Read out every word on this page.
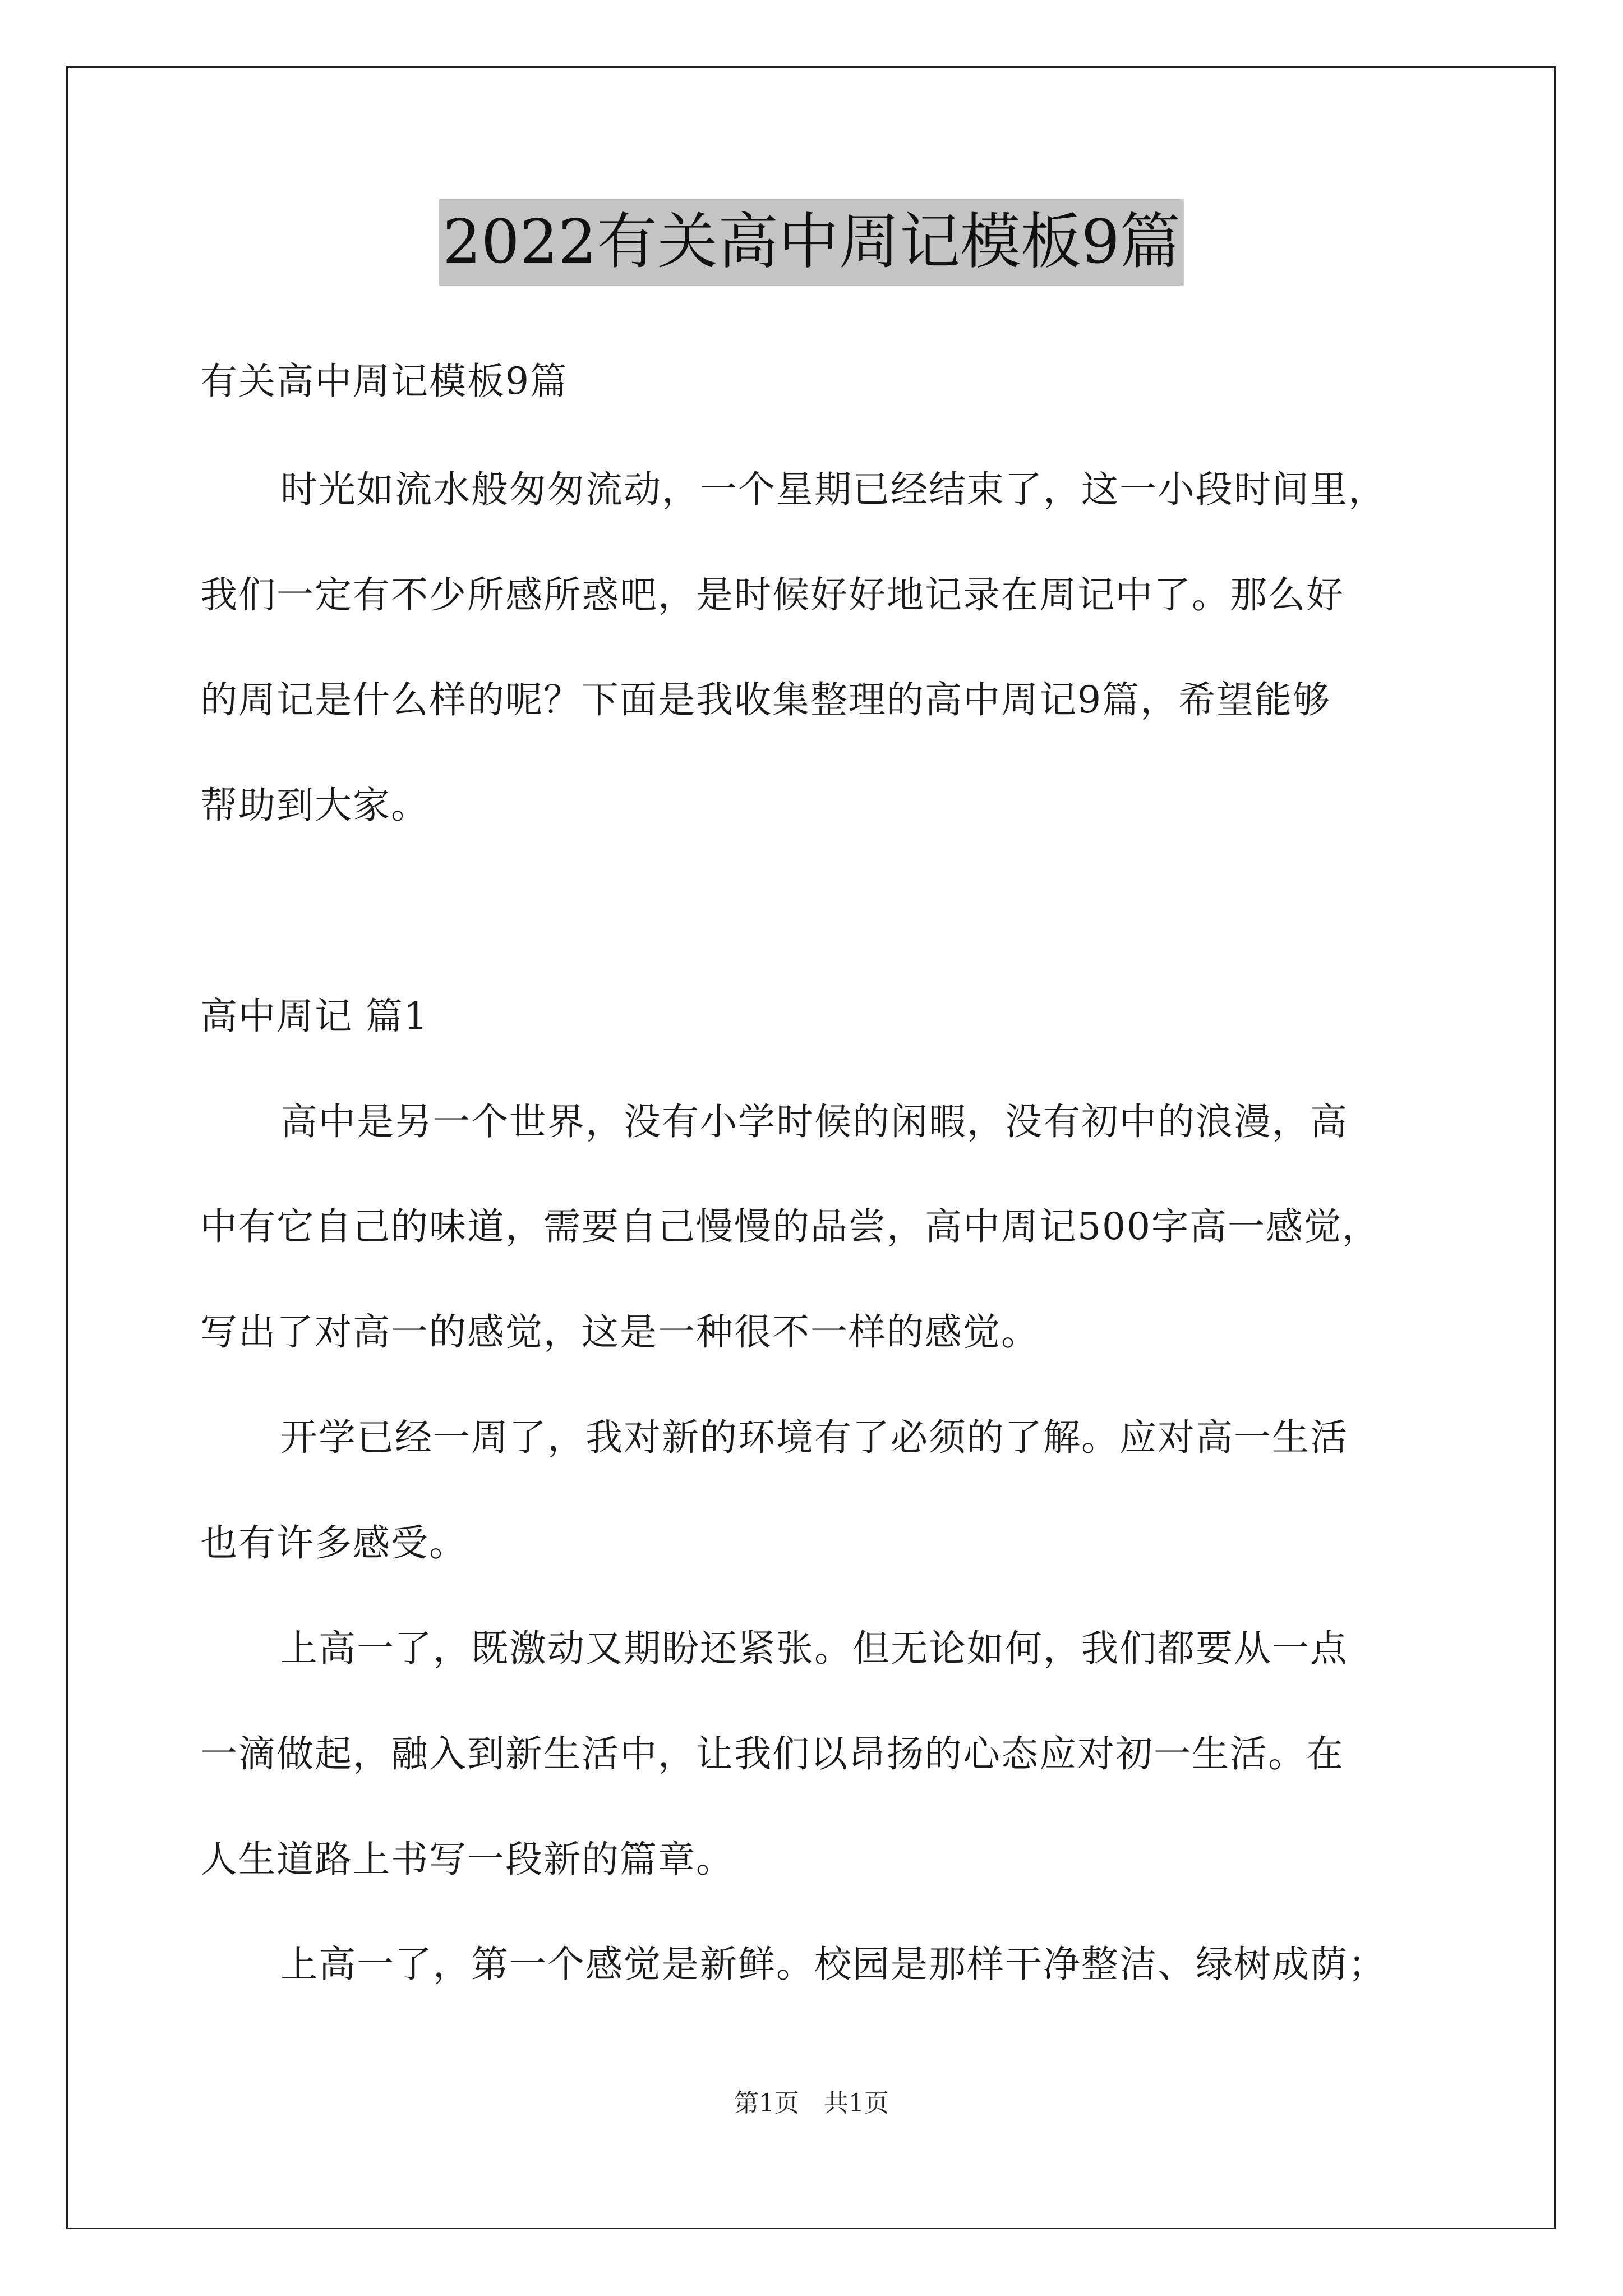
2022有关高中周记模板9篇
有关高中周记模板9篇
时光如流水般匆匆流动，一个星期已经结束了，这一小段时间里，
我们一定有不少所感所惑吧，是时候好好地记录在周记中了。那么好
的周记是什么样的呢？下面是我收集整理的高中周记9篇，希望能够
帮助到大家。
高中周记 篇1
高中是另一个世界，没有小学时候的闲暇，没有初中的浪漫，高
中有它自己的味道，需要自己慢慢的品尝，高中周记500字高一感觉，
写出了对高一的感觉，这是一种很不一样的感觉。
开学已经一周了，我对新的环境有了必须的了解。应对高一生活
也有许多感受。
上高一了，既激动又期盼还紧张。但无论如何，我们都要从一点
一滴做起，融入到新生活中，让我们以昂扬的心态应对初一生活。在
人生道路上书写一段新的篇章。
上高一了，第一个感觉是新鲜。校园是那样干净整洁、绿树成荫；
第1页　共1页
